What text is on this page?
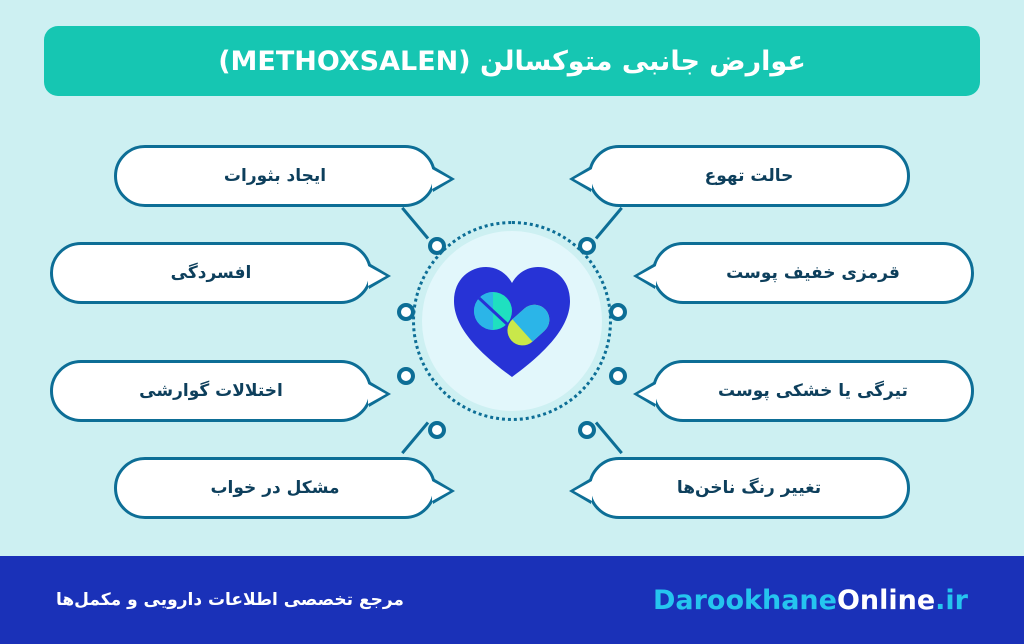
عوارض جانبی متوکسالن (METHOXSALEN)
حالت تهوع
قرمزی خفیف پوست
تیرگی یا خشکی پوست
تغییر رنگ ناخن‌ها
ایجاد بثورات
افسردگی
اختلالات گوارشی
مشکل در خواب
DarookhaneOnline.ir
مرجع تخصصی اطلاعات دارویی و مکمل‌ها
